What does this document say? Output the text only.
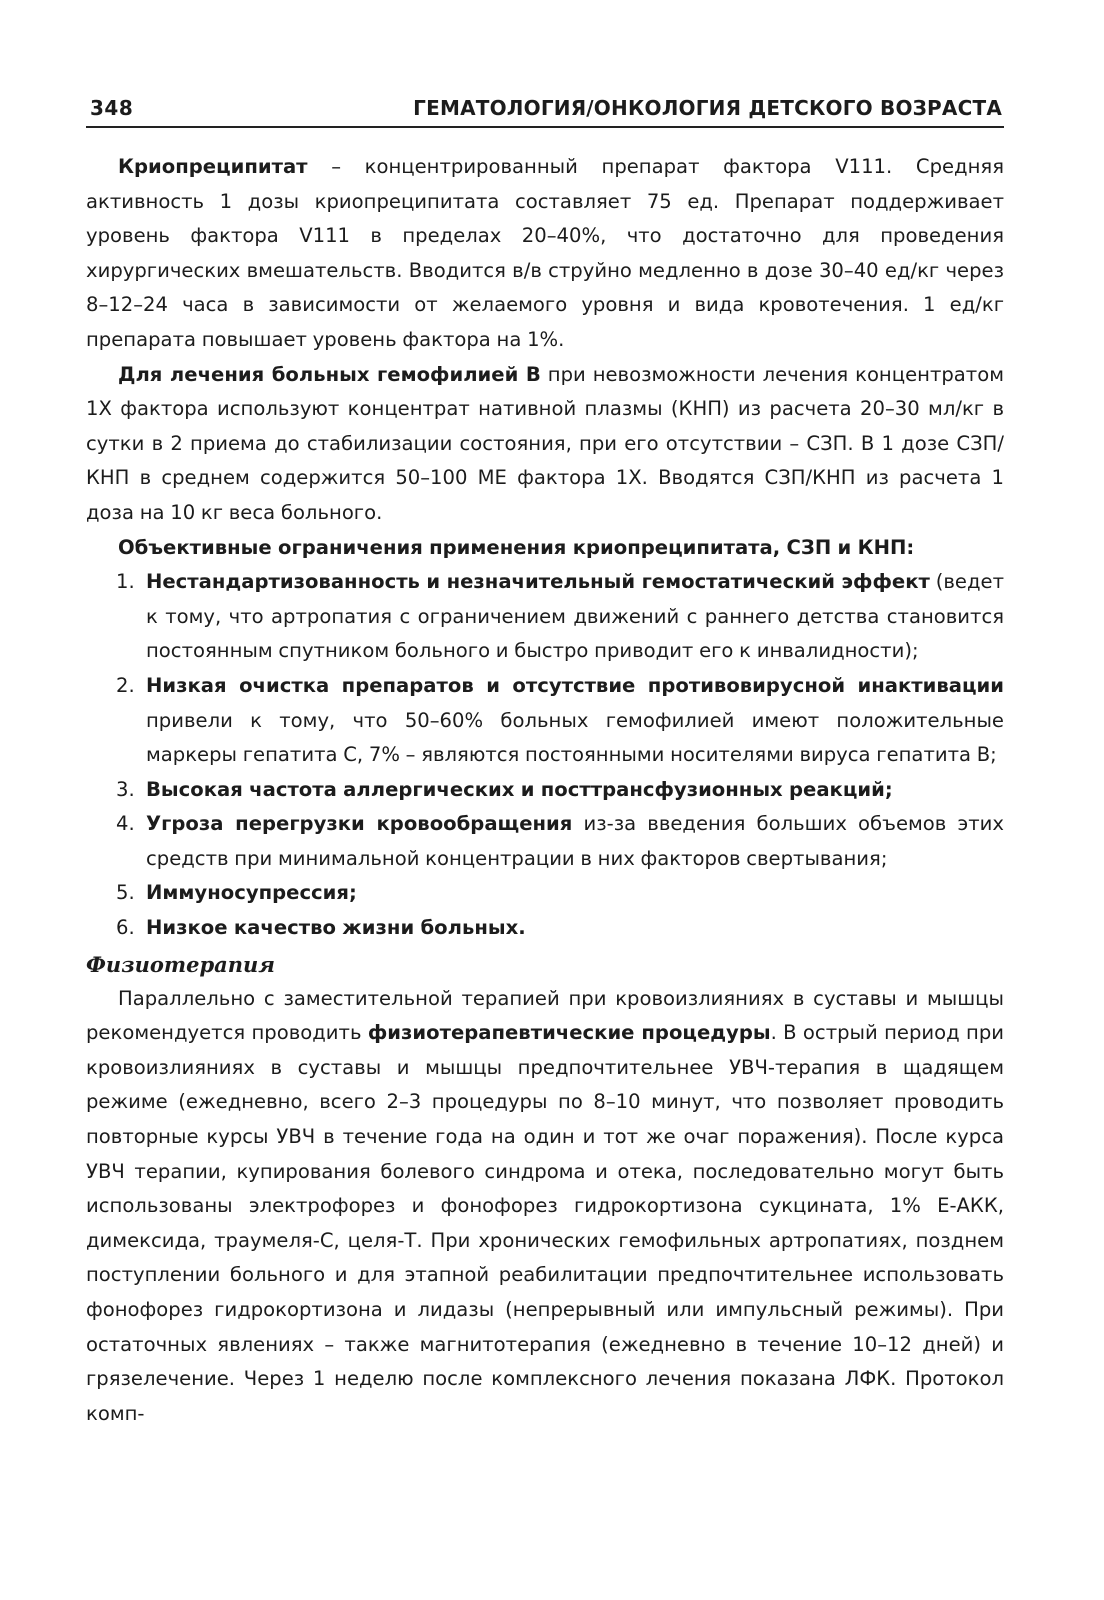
348	ГЕМАТОЛОГИЯ/ОНКОЛОГИЯ ДЕТСКОГО ВОЗРАСТА

Криопреципитат – концентрированный препарат фактора V111. Средняя активность 1 дозы криопреципитата составляет 75 ед. Препарат поддерживает уровень фактора V111 в пределах 20–40%, что достаточно для проведения хирургических вмешательств. Вводится в/в струйно медленно в дозе 30–40 ед/кг через 8–12–24 часа в зависимости от желаемого уровня и вида кровотечения. 1 ед/кг препарата повышает уровень фактора на 1%.

Для лечения больных гемофилией В при невозможности лечения концентратом 1Х фактора используют концентрат нативной плазмы (КНП) из расчета 20–30 мл/кг в сутки в 2 приема до стабилизации состояния, при его отсутствии – СЗП. В 1 дозе СЗП/КНП в среднем содержится 50–100 МЕ фактора 1Х. Вводятся СЗП/КНП из расчета 1 доза на 10 кг веса больного.

Объективные ограничения применения криопреципитата, СЗП и КНП:
1. Нестандартизованность и незначительный гемостатический эффект (ведет к тому, что артропатия с ограничением движений с раннего детства становится постоянным спутником больного и быстро приводит его к инвалидности);
2. Низкая очистка препаратов и отсутствие противовирусной инактивации привели к тому, что 50–60% больных гемофилией имеют положительные маркеры гепатита С, 7% – являются постоянными носителями вируса гепатита В;
3. Высокая частота аллергических и посттрансфузионных реакций;
4. Угроза перегрузки кровообращения из-за введения больших объемов этих средств при минимальной концентрации в них факторов свертывания;
5. Иммуносупрессия;
6. Низкое качество жизни больных.
Физиотерапия

Параллельно с заместительной терапией при кровоизлияниях в суставы и мышцы рекомендуется проводить физиотерапевтические процедуры. В острый период при кровоизлияниях в суставы и мышцы предпочтительнее УВЧ-терапия в щадящем режиме (ежедневно, всего 2–3 процедуры по 8–10 минут, что позволяет проводить повторные курсы УВЧ в течение года на один и тот же очаг поражения). После курса УВЧ терапии, купирования болевого синдрома и отека, последовательно могут быть использованы электрофорез и фонофорез гидрокортизона сукцината, 1% Е-АКК, димексида, траумеля-С, целя-Т. При хронических гемофильных артропатиях, позднем поступлении больного и для этапной реабилитации предпочтительнее использовать фонофорез гидрокортизона и лидазы (непрерывный или импульсный режимы). При остаточных явлениях – также магнитотерапия (ежедневно в течение 10–12 дней) и грязелечение. Через 1 неделю после комплексного лечения показана ЛФК. Протокол комп-
